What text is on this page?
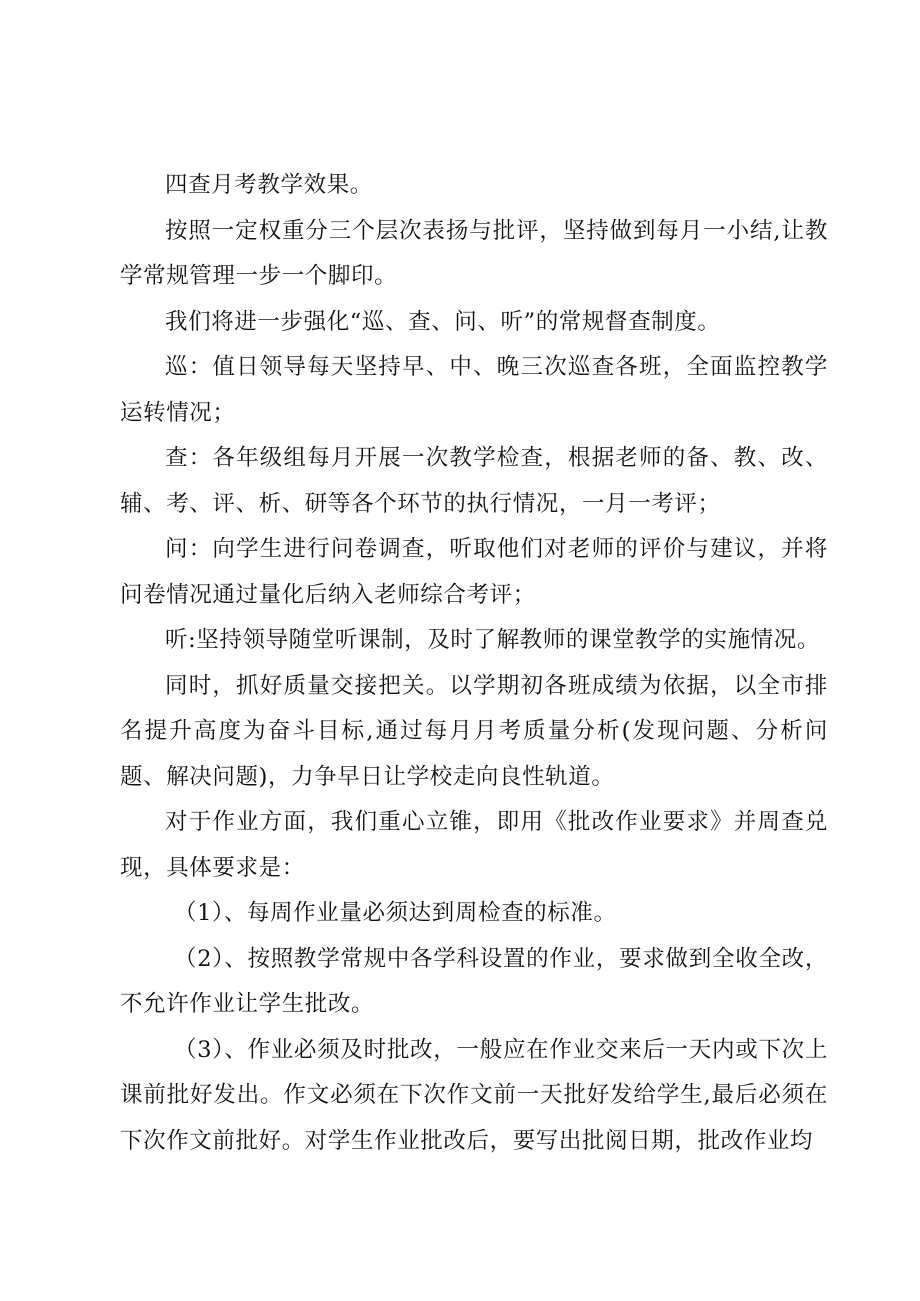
四查月考教学效果。

按照一定权重分三个层次表扬与批评，坚持做到每月一小结,让教学常规管理一步一个脚印。

我们将进一步强化“巡、查、问、听”的常规督查制度。

巡：值日领导每天坚持早、中、晚三次巡查各班，全面监控教学运转情况；

查：各年级组每月开展一次教学检查，根据老师的备、教、改、辅、考、评、析、研等各个环节的执行情况，一月一考评；

问：向学生进行问卷调查，听取他们对老师的评价与建议，并将问卷情况通过量化后纳入老师综合考评；

听:坚持领导随堂听课制，及时了解教师的课堂教学的实施情况。

同时，抓好质量交接把关。以学期初各班成绩为依据，以全市排名提升高度为奋斗目标,通过每月月考质量分析(发现问题、分析问题、解决问题)，力争早日让学校走向良性轨道。

对于作业方面，我们重心立锥，即用《批改作业要求》并周查兑现，具体要求是：

（1）、每周作业量必须达到周检查的标准。

（2）、按照教学常规中各学科设置的作业，要求做到全收全改，不允许作业让学生批改。

（3）、作业必须及时批改，一般应在作业交来后一天内或下次上课前批好发出。作文必须在下次作文前一天批好发给学生,最后必须在下次作文前批好。对学生作业批改后，要写出批阅日期，批改作业均
